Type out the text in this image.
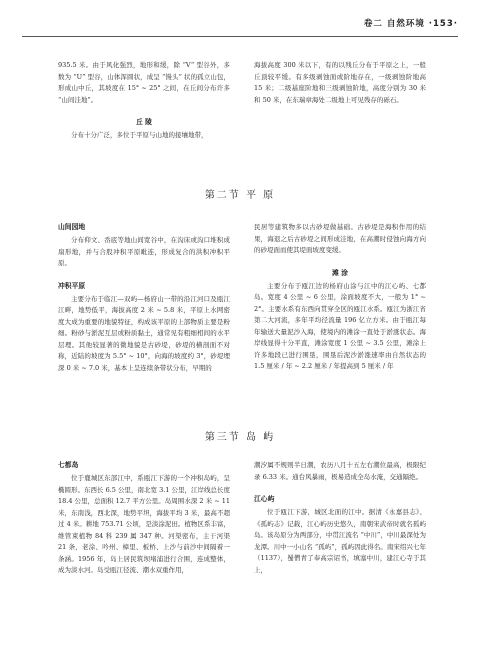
卷二 自然环境 ·153·

935.5 米。由于风化强烈，地形和缓，除 “V” 型谷外，多数为 “U” 型谷，山体浑圆状，成呈 “馒头” 状的孤立山包，形成山中丘，其坡度在 15° ~ 25° 之间，在丘间分布许多 “山间洼地”。

丘 陵

分布十分广泛，多位于平原与山地的接壤地带，

海拔高度 300 米以下，有的以残丘分布于平原之上，一般丘顶较平缓。有多级剥蚀面或阶地存在，一级剥蚀阶地高 15 米；二级基座阶地和三级剥蚀阶地，高度分别为 30 米和 50 米，在东瑞章海处二级地上可见残存的砾石。

第二节 平 原
山间园地

分布仰文、岙底等地山间宽谷中，在沟床或沟口堆积成扇形地，并与合股冲积平原毗连，形成复合的洪积冲积平原。

冲积平原

主要分布于临江—双屿—杨府山一带的沿江河口及瓯江江畔，地势低平，海拔高度 2 米 ~ 5.8 米，平原上水网密度大成为重要的地貌特征，构成该平原的上部物质主要是粉细。粉砂与淤泥互层或粉质黏土，通常见有粗细相间的水平层理。其他较显著的微地貌是古砂堤，砂堤的横剖面不对称，近陆的坡度为 5.5° ~ 10°，向海的坡度约 3°，砂堤埋深 0 米 ~ 7.0 米，基本上呈连续条带状分布，早期的

民居等建筑物多以古砂堤做基础。古砂堤是海积作用的结果，海退之后古砂堤之间形成洼地，在高潮时侵蚀向海方向的砂堤面而使其堤面坡度变缓。

滩 涂

主要分布于瓯江边的杨府山涂与江中的江心屿、七都岛。宽度 4 公里 ~ 6 公里，涂面坡度不大，一般为 1° ~ 2°。主要水系有东西向贯穿全区的瓯江水系。瓯江为浙江省第二大河流，多年平均径流量 196 亿立方米。由于瓯江每年输送大量泥沙入海，使境内的滩涂一直处于淤涨状态。海岸线显得十分平直，滩涂宽度 1 公里 ~ 3.5 公里，滩涂上许多地段已进行围垦，围垦后泥沙淤涨速率由自然状态的 1.5 厘米 / 年 ~ 2.2 厘米 / 年提高到 5 厘米 / 年

第三节 岛 屿
七都岛

位于鹿城区东部江中，系瓯江下游的一个冲积岛屿，呈椭圆形。东西长 6.5 公里，南北宽 3.1 公里，江岸线总长度 18.4 公里，总面积 12.7 平方公里。岛周围水深 2 米 ~ 11 米，东南浅，西北深，地势平坦，海拔平均 3 米，最高不超过 4 米。耕地 753.71 公顷，是淡涂泥田。植物区系丰富，维管束植物 84 科 239 属 347 种。河渠密布，主干河渠 21 条，老涂、吟州、樟里、板桥、上沙与前沙中间隔着一条涵。1956 年，岛上居民筑坝堵浦进行合围，连成整体，成为淡水河。岛受瓯江径流、潮水双重作用，

潮汐属不规则半日潮，农历八月十五左右潮位最高，极限纪录 6.33 米。通台风暴雨，极易造成全岛水淹，交通隔绝。

江心屿

位于瓯江下游，城区北面的江中。据清《永嘉县志》、《孤屿志》记载，江心屿历史悠久，南朝宋武帝时就名孤屿岛。该岛原分为两部分，中贯江流名 “中川”，中川最深处为龙潭。川中一小山名 “孤屿”，孤屿因此得名。南宋绍兴七年（1137），蜀僧青了奉高宗诏书，填塞中川，建江心寺于其上，
